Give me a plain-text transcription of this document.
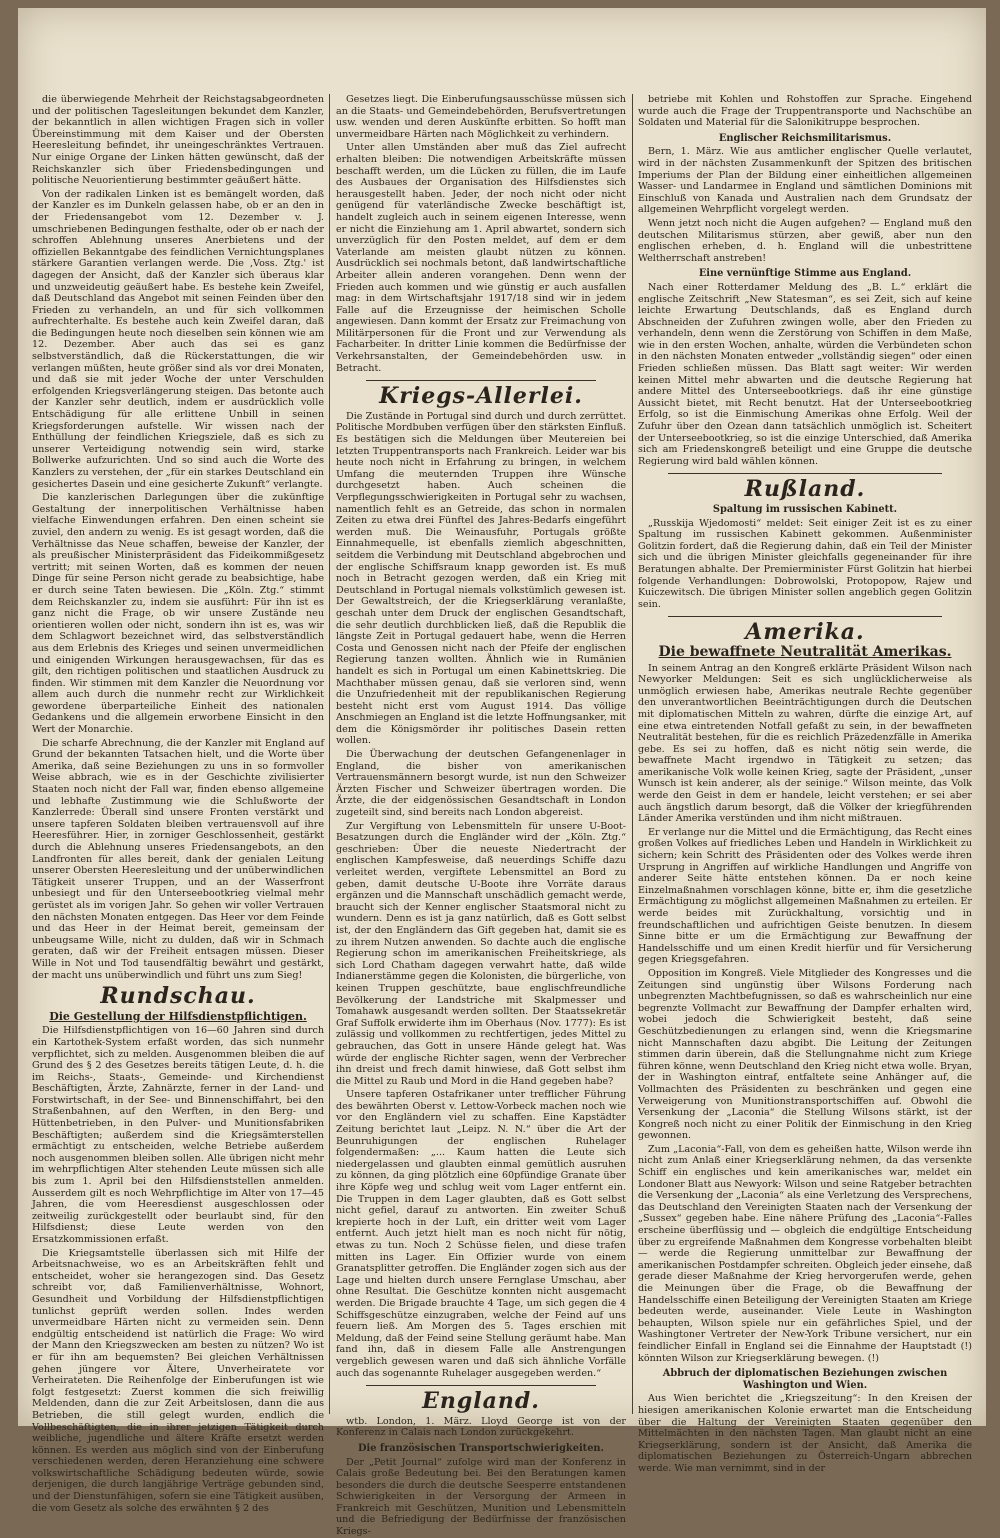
die überwiegende Mehrheit der Reichstagsabgeordneten und der politischen Tagesleitungen bekundet dem Kanzler, der bekanntlich in allen wichtigen Fragen sich in voller Übereinstimmung mit dem Kaiser und der Obersten Heeresleitung befindet, ihr uneingeschränktes Vertrauen. Nur einige Organe der Linken hätten gewünscht, daß der Reichskanzler sich über Friedensbedingungen und politische Neuorientierung bestimmter geäußert hätte.

Von der radikalen Linken ist es bemängelt worden, daß der Kanzler es im Dunkeln gelassen habe, ob er an den in der Friedensangebot vom 12. Dezember v. J. umschriebenen Bedingungen festhalte, oder ob er nach der schroffen Ablehnung unseres Anerbietens und der offiziellen Bekanntgabe des feindlichen Vernichtungsplanes stärkere Garantien verlangen werde. Die ,Voss. Ztg.' ist dagegen der Ansicht, daß der Kanzler sich überaus klar und unzweideutig geäußert habe. Es bestehe kein Zweifel, daß Deutschland das Angebot mit seinen Feinden über den Frieden zu verhandeln, an und für sich vollkommen aufrechterhalte. Es bestehe auch kein Zweifel daran, daß die Bedingungen heute noch dieselben sein können wie am 12. Dezember. Aber auch das sei es ganz selbstverständlich, daß die Rückerstattungen, die wir verlangen müßten, heute größer sind als vor drei Monaten, und daß sie mit jeder Woche der unter Verschulden erfolgenden Kriegsverlängerung steigen. Das betonte auch der Kanzler sehr deutlich, indem er ausdrücklich volle Entschädigung für alle erlittene Unbill in seinen Kriegsforderungen aufstelle. Wir wissen nach der Enthüllung der feindlichen Kriegsziele, daß es sich zu unserer Verteidigung notwendig sein wird, starke Bollwerke aufzurichten. Und so sind auch die Worte des Kanzlers zu verstehen, der „für ein starkes Deutschland ein gesichertes Dasein und eine gesicherte Zukunft“ verlangte.

Die kanzlerischen Darlegungen über die zukünftige Gestaltung der innerpolitischen Verhältnisse haben vielfache Einwendungen erfahren. Den einen scheint sie zuviel, den andern zu wenig. Es ist gesagt worden, daß die Verhältnisse das Neue schaffen, beweise der Kanzler, der als preußischer Ministerpräsident das Fideikommißgesetz vertritt; mit seinen Worten, daß es kommen der neuen Dinge für seine Person nicht gerade zu beabsichtige, habe er durch seine Taten bewiesen. Die „Köln. Ztg.“ stimmt dem Reichskanzler zu, indem sie ausführt: Für ihn ist es ganz nicht die Frage, ob wir unsere Zustände neu orientieren wollen oder nicht, sondern ihn ist es, was wir dem Schlagwort bezeichnet wird, das selbstverständlich aus dem Erlebnis des Krieges und seinen unvermeidlichen und einigenden Wirkungen herausgewachsen, für das es gilt, den richtigen politischen und staatlichen Ausdruck zu finden. Wir stimmen mit dem Kanzler die Neuordnung vor allem auch durch die nunmehr recht zur Wirklichkeit gewordene überparteiliche Einheit des nationalen Gedankens und die allgemein erworbene Einsicht in den Wert der Monarchie.

Die scharfe Abrechnung, die der Kanzler mit England auf Grund der bekannten Tatsachen hielt, und die Worte über Amerika, daß seine Beziehungen zu uns in so formvoller Weise abbrach, wie es in der Geschichte zivilisierter Staaten noch nicht der Fall war, finden ebenso allgemeine und lebhafte Zustimmung wie die Schlußworte der Kanzlerrede: Überall sind unsere Fronten verstärkt und unsere tapferen Soldaten bleiben vertrauensvoll auf ihre Heeresführer. Hier, in zorniger Geschlossenheit, gestärkt durch die Ablehnung unseres Friedensangebots, an den Landfronten für alles bereit, dank der genialen Leitung unserer Obersten Heeresleitung und der unüberwindlichen Tätigkeit unserer Truppen, und an der Wasserfront unbesiegt und für den Unterseebootkrieg vielmal mehr gerüstet als im vorigen Jahr. So gehen wir voller Vertrauen den nächsten Monaten entgegen. Das Heer vor dem Feinde und das Heer in der Heimat bereit, gemeinsam der unbeugsame Wille, nicht zu dulden, daß wir in Schmach geraten, daß wir der Freiheit entsagen müssen. Dieser Wille in Not und Tod tausendfältig bewährt und gestärkt, der macht uns unüberwindlich und führt uns zum Sieg!

Rundschau.
Die Gestellung der Hilfsdienstpflichtigen.

Die Hilfsdienstpflichtigen von 16—60 Jahren sind durch ein Kartothek-System erfaßt worden, das sich nunmehr verpflichtet, sich zu melden. Ausgenommen bleiben die auf Grund des § 2 des Gesetzes bereits tätigen Leute, d. h. die im Reichs-, Staats-, Gemeinde- und Kirchendienst Beschäftigten, Ärzte, Zahnärzte, ferner in der Land- und Forstwirtschaft, in der See- und Binnenschiffahrt, bei den Straßenbahnen, auf den Werften, in den Berg- und Hüttenbetrieben, in den Pulver- und Munitionsfabriken Beschäftigten; außerdem sind die Kriegsämterstellen ermächtigt zu entscheiden, welche Betriebe außerdem noch ausgenommen bleiben sollen. Alle übrigen nicht mehr im wehrpflichtigen Alter stehenden Leute müssen sich alle bis zum 1. April bei den Hilfsdienststellen anmelden. Ausserdem gilt es noch Wehrpflichtige im Alter von 17—45 Jahren, die vom Heeresdienst ausgeschlossen oder zeitweilig zurückgestellt oder beurlaubt sind, für den Hilfsdienst; diese Leute werden von den Ersatzkommissionen erfaßt.

Die Kriegsamtstelle überlassen sich mit Hilfe der Arbeitsnachweise, wo es an Arbeitskräften fehlt und entscheidet, woher sie herangezogen sind. Das Gesetz schreibt vor, daß Familienverhältnisse, Wohnort, Gesundheit und Vorbildung der Hilfsdienstpflichtigen tunlichst geprüft werden sollen. Indes werden unvermeidbare Härten nicht zu vermeiden sein. Denn endgültig entscheidend ist natürlich die Frage: Wo wird der Mann den Kriegszwecken am besten zu nützen? Wo ist er für ihn am bequemsten? Bei gleichen Verhältnissen gehen jüngere vor Ältere, Unverheiratete vor Verheirateten. Die Reihenfolge der Einberufungen ist wie folgt festgesetzt: Zuerst kommen die sich freiwillig Meldenden, dann die zur Zeit Arbeitslosen, dann die aus Betrieben, die still gelegt wurden, endlich die Vollbeschäftigten, die in ihrer jetzigen Tätigkeit durch weibliche, jugendliche und ältere Kräfte ersetzt werden können. Es werden aus möglich sind von der Einberufung verschiedenen werden, deren Heranziehung eine schwere volkswirtschaftliche Schädigung bedeuten würde, sowie derjenigen, die durch langjährige Verträge gebunden sind, und der Dienstunfähigen, sofern sie eine Tätigkeit ausüben, die vom Gesetz als solche des erwähnten § 2 des

Gesetzes liegt. Die Einberufungsausschüsse müssen sich an die Staats- und Gemeindebehörden, Berufsvertretungen usw. wenden und deren Auskünfte erbitten. So hofft man unvermeidbare Härten nach Möglichkeit zu verhindern.

Unter allen Umständen aber muß das Ziel aufrecht erhalten bleiben: Die notwendigen Arbeitskräfte müssen beschafft werden, um die Lücken zu füllen, die im Laufe des Ausbaues der Organisation des Hilfsdienstes sich herausgestellt haben. Jeder, der noch nicht oder nicht genügend für vaterländische Zwecke beschäftigt ist, handelt zugleich auch in seinem eigenen Interesse, wenn er nicht die Einziehung am 1. April abwartet, sondern sich unverzüglich für den Posten meldet, auf dem er dem Vaterlande am meisten glaubt nützen zu können. Ausdrücklich sei nochmals betont, daß landwirtschaftliche Arbeiter allein anderen vorangehen. Denn wenn der Frieden auch kommen und wie günstig er auch ausfallen mag: in dem Wirtschaftsjahr 1917/18 sind wir in jedem Falle auf die Erzeugnisse der heimischen Scholle angewiesen. Dann kommt der Ersatz zur Freimachung von Militärpersonen für die Front und zur Verwendung als Facharbeiter. In dritter Linie kommen die Bedürfnisse der Verkehrsanstalten, der Gemeindebehörden usw. in Betracht.

Kriegs-Allerlei.

Die Zustände in Portugal sind durch und durch zerrüttet. Politische Mordbuben verfügen über den stärksten Einfluß. Es bestätigen sich die Meldungen über Meutereien bei letzten Truppentransports nach Frankreich. Leider war bis heute noch nicht in Erfahrung zu bringen, in welchem Umfang die meuternden Truppen ihre Wünsche durchgesetzt haben. Auch scheinen die Verpflegungsschwierigkeiten in Portugal sehr zu wachsen, namentlich fehlt es an Getreide, das schon in normalen Zeiten zu etwa drei Fünftel des Jahres-Bedarfs eingeführt werden muß. Die Weinausfuhr, Portugals größte Einnahmequelle, ist ebenfalls ziemlich abgeschnitten, seitdem die Verbindung mit Deutschland abgebrochen und der englische Schiffsraum knapp geworden ist. Es muß noch in Betracht gezogen werden, daß ein Krieg mit Deutschland in Portugal niemals volkstümlich gewesen ist. Der Gewaltstreich, der die Kriegserklärung veranlaßte, geschah unter dem Druck der englischen Gesandtschaft, die sehr deutlich durchblicken ließ, daß die Republik die längste Zeit in Portugal gedauert habe, wenn die Herren Costa und Genossen nicht nach der Pfeife der englischen Regierung tanzen wollten. Ähnlich wie in Rumänien handelt es sich in Portugal um einen Kabinettskrieg. Die Machthaber müssen genau, daß sie verloren sind, wenn die Unzufriedenheit mit der republikanischen Regierung besteht nicht erst vom August 1914. Das völlige Anschmiegen an England ist die letzte Hoffnungsanker, mit dem die Königsmörder ihr politisches Dasein retten wollen.

Die Überwachung der deutschen Gefangenenlager in England, die bisher von amerikanischen Vertrauensmännern besorgt wurde, ist nun den Schweizer Ärzten Fischer und Schweizer übertragen worden. Die Ärzte, die der eidgenössischen Gesandtschaft in London zugeteilt sind, sind bereits nach London abgereist.

Zur Vergiftung von Lebensmitteln für unsere U-Boot-Besatzungen durch die Engländer wird der „Köln. Ztg.“ geschrieben: Über die neueste Niedertracht der englischen Kampfesweise, daß neuerdings Schiffe dazu verleitet werden, vergiftete Lebensmittel an Bord zu geben, damit deutsche U-Boote ihre Vorräte daraus ergänzen und die Mannschaft unschädlich gemacht werde, braucht sich der Kenner englischer Staatsmoral nicht zu wundern. Denn es ist ja ganz natürlich, daß es Gott selbst ist, der den Engländern das Gift gegeben hat, damit sie es zu ihrem Nutzen anwenden. So dachte auch die englische Regierung schon im amerikanischen Freiheitskriege, als sich Lord Chatham dagegen verwahrt hatte, daß wilde Indianerstämme gegen die Kolonisten, die bürgerliche, von keinen Truppen geschützte, baue englischfreundliche Bevölkerung der Landstriche mit Skalpmesser und Tomahawk ausgesandt werden sollten. Der Staatssekretär Graf Suffolk erwiderte ihm im Oberhaus (Nov. 1777): Es ist zulässig und vollkommen zu rechtfertigen, jedes Mittel zu gebrauchen, das Gott in unsere Hände gelegt hat. Was würde der englische Richter sagen, wenn der Verbrecher ihn dreist und frech damit hinwiese, daß Gott selbst ihm die Mittel zu Raub und Mord in die Hand gegeben habe?

Unsere tapferen Ostafrikaner unter trefflicher Führung des bewährten Oberst v. Lettow-Vorbeck machen noch wie vor den Engländern viel zu schaffen. Eine Kapstädter Zeitung berichtet laut „Leipz. N. N.“ über die Art der Beunruhigungen der englischen Ruhelager folgendermaßen: „... Kaum hatten die Leute sich niedergelassen und glaubten einmal gemütlich ausruhen zu können, da ging plötzlich eine 60pfündige Granate über ihre Köpfe weg und schlug weit vom Lager entfernt ein. Die Truppen in dem Lager glaubten, daß es Gott selbst nicht gefiel, darauf zu antworten. Ein zweiter Schuß krepierte hoch in der Luft, ein dritter weit vom Lager entfernt. Auch jetzt hielt man es noch nicht für nötig, etwas zu tun. Noch 2 Schüsse fielen, und diese trafen mitten ins Lager. Ein Offizier wurde von einem Granatsplitter getroffen. Die Engländer zogen sich aus der Lage und hielten durch unsere Fernglase Umschau, aber ohne Resultat. Die Geschütze konnten nicht ausgemacht werden. Die Brigade brauchte 4 Tage, um sich gegen die 4 Schiffsgeschütze einzugraben, welche der Feind auf uns feuern ließ. Am Morgen des 5. Tages erschien mit Meldung, daß der Feind seine Stellung geräumt habe. Man fand ihn, daß in diesem Falle alle Anstrengungen vergeblich gewesen waren und daß sich ähnliche Vorfälle auch das sogenannte Ruhelager ausgegeben werden.“

England.

wtb. London, 1. März. Lloyd George ist von der Konferenz in Calais nach London zurückgekehrt.

Die französischen Transportschwierigkeiten.

Der „Petit Journal“ zufolge wird man der Konferenz in Calais große Bedeutung bei. Bei den Beratungen kamen besonders die durch die deutsche Seesperre entstandenen Schwierigkeiten in der Versorgung der Armeen in Frankreich mit Geschützen, Munition und Lebensmitteln und die Befriedigung der Bedürfnisse der französischen Kriegs-

betriebe mit Kohlen und Rohstoffen zur Sprache. Eingehend wurde auch die Frage der Truppentransporte und Nachschübe an Soldaten und Material für die Salonikitruppe besprochen.

Englischer Reichsmilitarismus.

Bern, 1. März. Wie aus amtlicher englischer Quelle verlautet, wird in der nächsten Zusammenkunft der Spitzen des britischen Imperiums der Plan der Bildung einer einheitlichen allgemeinen Wasser- und Landarmee in England und sämtlichen Dominions mit Einschluß von Kanada und Australien nach dem Grundsatz der allgemeinen Wehrpflicht vorgelegt werden.

Wenn jetzt noch nicht die Augen aufgehen? — England muß den deutschen Militarismus stürzen, aber gewiß, aber nun den englischen erheben, d. h. England will die unbestrittene Weltherrschaft anstreben!

Eine vernünftige Stimme aus England.

Nach einer Rotterdamer Meldung des „B. L.“ erklärt die englische Zeitschrift „New Statesman“, es sei Zeit, sich auf keine leichte Erwartung Deutschlands, daß es England durch Abschneiden der Zufuhren zwingen wolle, aber den Frieden zu verhandeln, denn wenn die Zerstörung von Schiffen in dem Maße, wie in den ersten Wochen, anhalte, würden die Verbündeten schon in den nächsten Monaten entweder „vollständig siegen“ oder einen Frieden schließen müssen. Das Blatt sagt weiter: Wir werden keinen Mittel mehr abwarten und die deutsche Regierung hat andere Mittel des Unterseebootkriegs. daß ihr eine günstige Aussicht bietet, mit Recht benutzt. Hat der Unterseebootkrieg Erfolg, so ist die Einmischung Amerikas ohne Erfolg. Weil der Zufuhr über den Ozean dann tatsächlich unmöglich ist. Scheitert der Unterseebootkrieg, so ist die einzige Unterschied, daß Amerika sich am Friedenskongreß beteiligt und eine Gruppe die deutsche Regierung wird bald wählen können.

Rußland.
Spaltung im russischen Kabinett.

„Russkija Wjedomosti“ meldet: Seit einiger Zeit ist es zu einer Spaltung im russischen Kabinett gekommen. Außenminister Golitzin fordert, daß die Regierung dahin, daß ein Teil der Minister sich und die übrigen Minister gleichfalls gegeneinander für ihre Beratungen abhalte. Der Premierminister Fürst Golitzin hat hierbei folgende Verhandlungen: Dobrowolski, Protopopow, Rajew und Kuiczewitsch. Die übrigen Minister sollen angeblich gegen Golitzin sein.

Amerika.
Die bewaffnete Neutralität Amerikas.

In seinem Antrag an den Kongreß erklärte Präsident Wilson nach Newyorker Meldungen: Seit es sich unglücklicherweise als unmöglich erwiesen habe, Amerikas neutrale Rechte gegenüber den unverantwortlichen Beeinträchtigungen durch die Deutschen mit diplomatischen Mitteln zu wahren, dürfte die einzige Art, auf eine etwa eintretenden Notfall gefaßt zu sein, in der bewaffneten Neutralität bestehen, für die es reichlich Präzedenzfälle in Amerika gebe. Es sei zu hoffen, daß es nicht nötig sein werde, die bewaffnete Macht irgendwo in Tätigkeit zu setzen; das amerikanische Volk wolle keinen Krieg, sagte der Präsident, „unser Wunsch ist kein anderer, als der seinige.“ Wilson meinte, das Volk werde den Geist in dem er handele, leicht verstehen; er sei aber auch ängstlich darum besorgt, daß die Völker der kriegführenden Länder Amerika verstünden und ihm nicht mißtrauen.

Er verlange nur die Mittel und die Ermächtigung, das Recht eines großen Volkes auf friedliches Leben und Handeln in Wirklichkeit zu sichern; kein Schritt des Präsidenten oder des Volkes werde ihren Ursprung in Angriffen auf wirkliche Handlungen und Angriffe von anderer Seite hätte entstehen können. Da er noch keine Einzelmaßnahmen vorschlagen könne, bitte er, ihm die gesetzliche Ermächtigung zu möglichst allgemeinen Maßnahmen zu erteilen. Er werde beides mit Zurückhaltung, vorsichtig und in freundschaftlichen und aufrichtigen Geiste benutzen. In diesem Sinne bitte er um die Ermächtigung zur Bewaffnung der Handelsschiffe und um einen Kredit hierfür und für Versicherung gegen Kriegsgefahren.

Opposition im Kongreß. Viele Mitglieder des Kongresses und die Zeitungen sind ungünstig über Wilsons Forderung nach unbegrenzten Machtbefugnissen, so daß es wahrscheinlich nur eine begrenzte Vollmacht zur Bewaffnung der Dampfer erhalten wird, wobei jedoch die Schwierigkeit besteht, daß seine Geschützbedienungen zu erlangen sind, wenn die Kriegsmarine nicht Mannschaften dazu abgibt. Die Leitung der Zeitungen stimmen darin überein, daß die Stellungnahme nicht zum Kriege führen könne, wenn Deutschland den Krieg nicht etwa wolle. Bryan, der in Washington eintraf, entfaltete seine Anhänger auf, die Vollmachten des Präsidenten zu beschränken und gegen eine Verweigerung von Munitionstransportschiffen auf. Obwohl die Versenkung der „Laconia“ die Stellung Wilsons stärkt, ist der Kongreß noch nicht zu einer Politik der Einmischung in den Krieg gewonnen.

Zum „Laconia“-Fall, von dem es geheißen hatte, Wilson werde ihn nicht zum Anlaß einer Kriegserklärung nehmen, da das versenkte Schiff ein englisches und kein amerikanisches war, meldet ein Londoner Blatt aus Newyork: Wilson und seine Ratgeber betrachten die Versenkung der „Laconia“ als eine Verletzung des Versprechens, das Deutschland den Vereinigten Staaten nach der Versenkung der „Sussex“ gegeben habe. Eine nähere Prüfung des „Laconia“-Falles erscheine überflüssig und — obgleich die endgültige Entscheidung über zu ergreifende Maßnahmen dem Kongresse vorbehalten bleibt — werde die Regierung unmittelbar zur Bewaffnung der amerikanischen Postdampfer schreiten. Obgleich jeder einsehe, daß gerade dieser Maßnahme der Krieg hervorgerufen werde, gehen die Meinungen über die Frage, ob die Bewaffnung der Handelsschiffe einen Beteiligung der Vereinigten Staaten am Kriege bedeuten werde, auseinander. Viele Leute in Washington behaupten, Wilson spiele nur ein gefährliches Spiel, und der Washingtoner Vertreter der New-York Tribune versichert, nur ein feindlicher Einfall in England sei die Einnahme der Hauptstadt (!) könnten Wilson zur Kriegserklärung bewegen. (!)

Abbruch der diplomatischen Beziehungen zwischen Washington und Wien.

Aus Wien berichtet die „Kriegszeitung“: In den Kreisen der hiesigen amerikanischen Kolonie erwartet man die Entscheidung über die Haltung der Vereinigten Staaten gegenüber den Mittelmächten in den nächsten Tagen. Man glaubt nicht an eine Kriegserklärung, sondern ist der Ansicht, daß Amerika die diplomatischen Beziehungen zu Österreich-Ungarn abbrechen werde. Wie man vernimmt, sind in der
